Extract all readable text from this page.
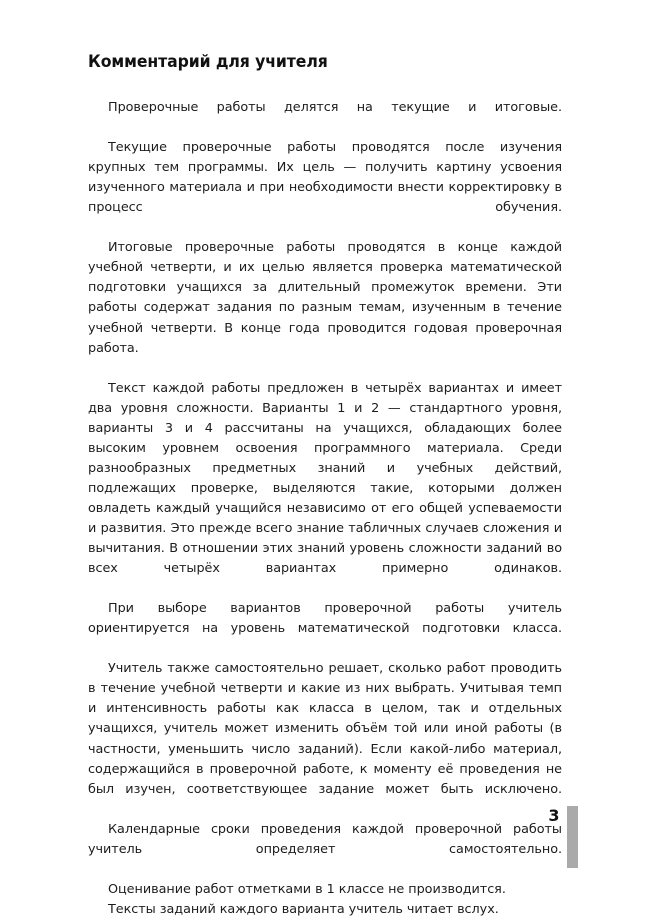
Комментарий для учителя

Проверочные работы делятся на текущие и итоговые.

Текущие проверочные работы проводятся после изучения крупных тем программы. Их цель — получить картину усвоения изученного материала и при необходимости внести корректировку в процесс обучения.

Итоговые проверочные работы проводятся в конце каждой учебной четверти, и их целью является проверка математической подготовки учащихся за длительный промежуток времени. Эти работы содержат задания по разным темам, изученным в течение учебной четверти. В конце года проводится годовая проверочная работа.

Текст каждой работы предложен в четырёх вариантах и имеет два уровня сложности. Варианты 1 и 2 — стандартного уровня, варианты 3 и 4 рассчитаны на учащихся, обладающих более высоким уровнем освоения программного материала. Среди разнообразных предметных знаний и учебных действий, подлежащих проверке, выделяются такие, которыми должен овладеть каждый учащийся независимо от его общей успеваемости и развития. Это прежде всего знание табличных случаев сложения и вычитания. В отношении этих знаний уровень сложности заданий во всех четырёх вариантах примерно одинаков.

При выборе вариантов проверочной работы учитель ориентируется на уровень математической подготовки класса.

Учитель также самостоятельно решает, сколько работ проводить в течение учебной четверти и какие из них выбрать. Учитывая темп и интенсивность работы как класса в целом, так и отдельных учащихся, учитель может изменить объём той или иной работы (в частности, уменьшить число заданий). Если какой-либо материал, содержащийся в проверочной работе, к моменту её проведения не был изучен, соответствующее задание может быть исключено.

Календарные сроки проведения каждой проверочной работы учитель определяет самостоятельно.

Оценивание работ отметками в 1 классе не производится.

Тексты заданий каждого варианта учитель читает вслух.

3
